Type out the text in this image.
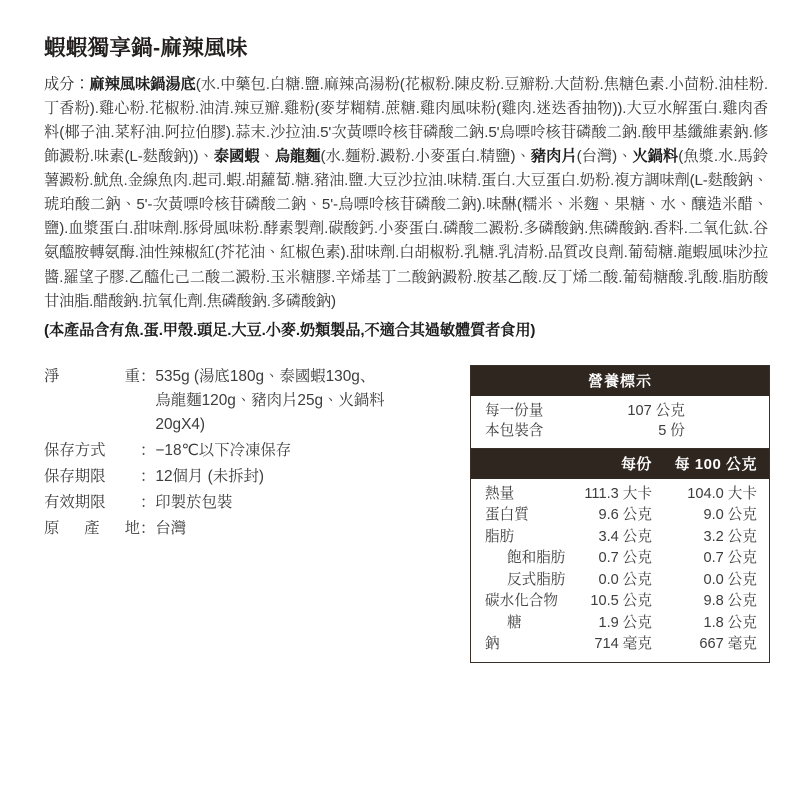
蝦蝦獨享鍋-麻辣風味

成分：麻辣風味鍋湯底(水.中藥包.白糖.鹽.麻辣高湯粉(花椒粉.陳皮粉.豆瓣粉.大茴粉.焦糖色素.小茴粉.油桂粉.丁香粉).雞心粉.花椒粉.油清.辣豆瓣.雞粉(麥芽糊精.蔗糖.雞肉風味粉(雞肉.迷迭香抽物)).大豆水解蛋白.雞肉香料(椰子油.菜籽油.阿拉伯膠).蒜末.沙拉油.5'次黃嘌呤核苷磷酸二鈉.5'烏嘌呤核苷磷酸二鈉.酸甲基纖維素鈉.修飾澱粉.味素(L-麩酸鈉))、泰國蝦、烏龍麵(水.麵粉.澱粉.小麥蛋白.精鹽)、豬肉片(台灣)、火鍋料(魚漿.水.馬鈴薯澱粉.魷魚.金線魚肉.起司.蝦.胡蘿蔔.糖.豬油.鹽.大豆沙拉油.味精.蛋白.大豆蛋白.奶粉.複方調味劑(L-麩酸鈉、琥珀酸二鈉、5'-次黃嘌呤核苷磷酸二鈉、5'-烏嘌呤核苷磷酸二鈉).味醂(糯米、米麴、果糖、水、釀造米醋、鹽).血漿蛋白.甜味劑.豚骨風味粉.酵素製劑.碳酸鈣.小麥蛋白.磷酸二澱粉.多磷酸鈉.焦磷酸鈉.香料.二氧化鈦.谷氨醯胺轉氨酶.油性辣椒紅(芥花油、紅椒色素).甜味劑.白胡椒粉.乳糖.乳清粉.品質改良劑.葡萄糖.龍蝦風味沙拉醬.羅望子膠.乙醯化己二酸二澱粉.玉米糖膠.辛烯基丁二酸鈉澱粉.胺基乙酸.反丁烯二酸.葡萄糖酸.乳酸.脂肪酸甘油脂.醋酸鈉.抗氧化劑.焦磷酸鈉.多磷酸鈉)

(本產品含有魚.蛋.甲殼.頭足.大豆.小麥.奶類製品,不適合其過敏體質者食用)

淨	重 ： 535g (湯底180g、泰國蝦130g、
烏龍麵120g、豬肉片25g、火鍋料
20gX4)
保存方式	： −18℃以下冷凍保存
保存期限	： 12個月 (未拆封)
有效期限	： 印製於包裝
原 產 地 ： 台灣
營養標示
每一份量	107 公克
本包裝含	5 份
每份	每 100 公克
熱量	111.3 大卡	104.0 大卡
蛋白質	9.6 公克	9.0 公克
脂肪	3.4 公克	3.2 公克
飽和脂肪	0.7 公克	0.7 公克
反式脂肪	0.0 公克	0.0 公克
碳水化合物	10.5 公克	9.8 公克
糖	1.9 公克	1.8 公克
鈉	714 毫克	667 毫克
